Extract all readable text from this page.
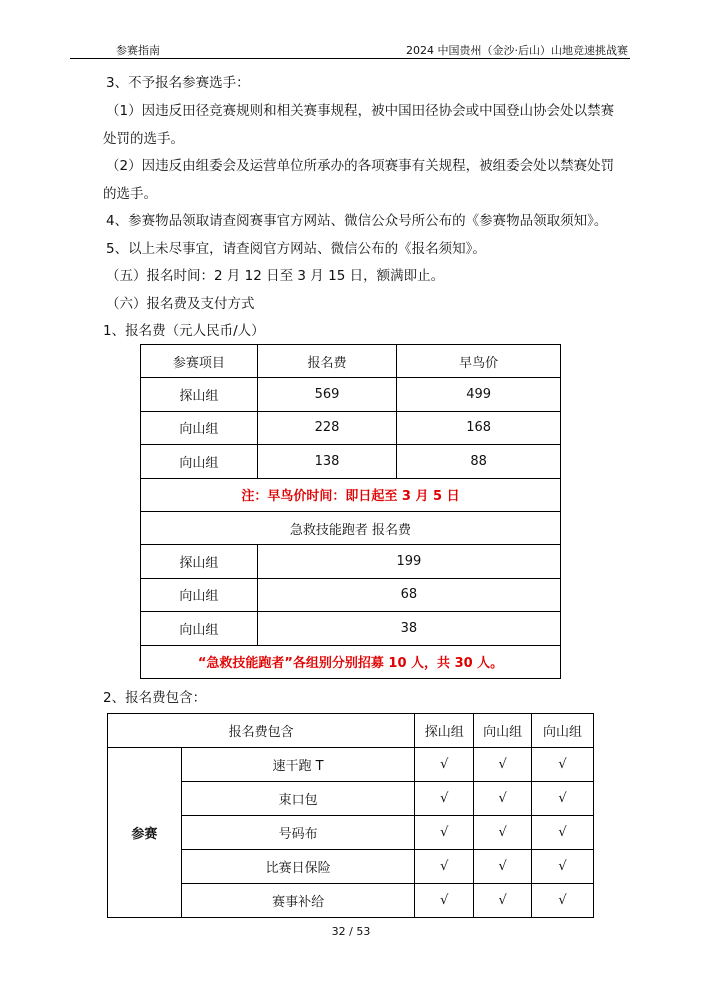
参赛指南	2024 中国贵州（金沙·后山）山地竞速挑战赛
3、不予报名参赛选手：
（1）因违反田径竞赛规则和相关赛事规程，被中国田径协会或中国登山协会处以禁赛
处罚的选手。
（2）因违反由组委会及运营单位所承办的各项赛事有关规程，被组委会处以禁赛处罚
的选手。
4、参赛物品领取请查阅赛事官方网站、微信公众号所公布的《参赛物品领取须知》。
5、以上未尽事宜，请查阅官方网站、微信公布的《报名须知》。
（五）报名时间：2 月 12 日至 3 月 15 日，额满即止。
（六）报名费及支付方式
1、报名费（元人民币/人）
参赛项目	报名费	早鸟价
探山组	569	499
向山组	228	168
向山组	138	88
注：早鸟价时间：即日起至 3 月 5 日		
急救技能跑者 报名费		
探山组	199	
向山组	68	
向山组	38	
“急救技能跑者”各组别分别招募 10 人，共 30 人。		
2、报名费包含：
报名费包含		探山组	向山组	向山组
参赛	速干跑 T	√	√	√
	束口包	√	√	√
	号码布	√	√	√
	比赛日保险	√	√	√
	赛事补给	√	√	√
32 / 53
